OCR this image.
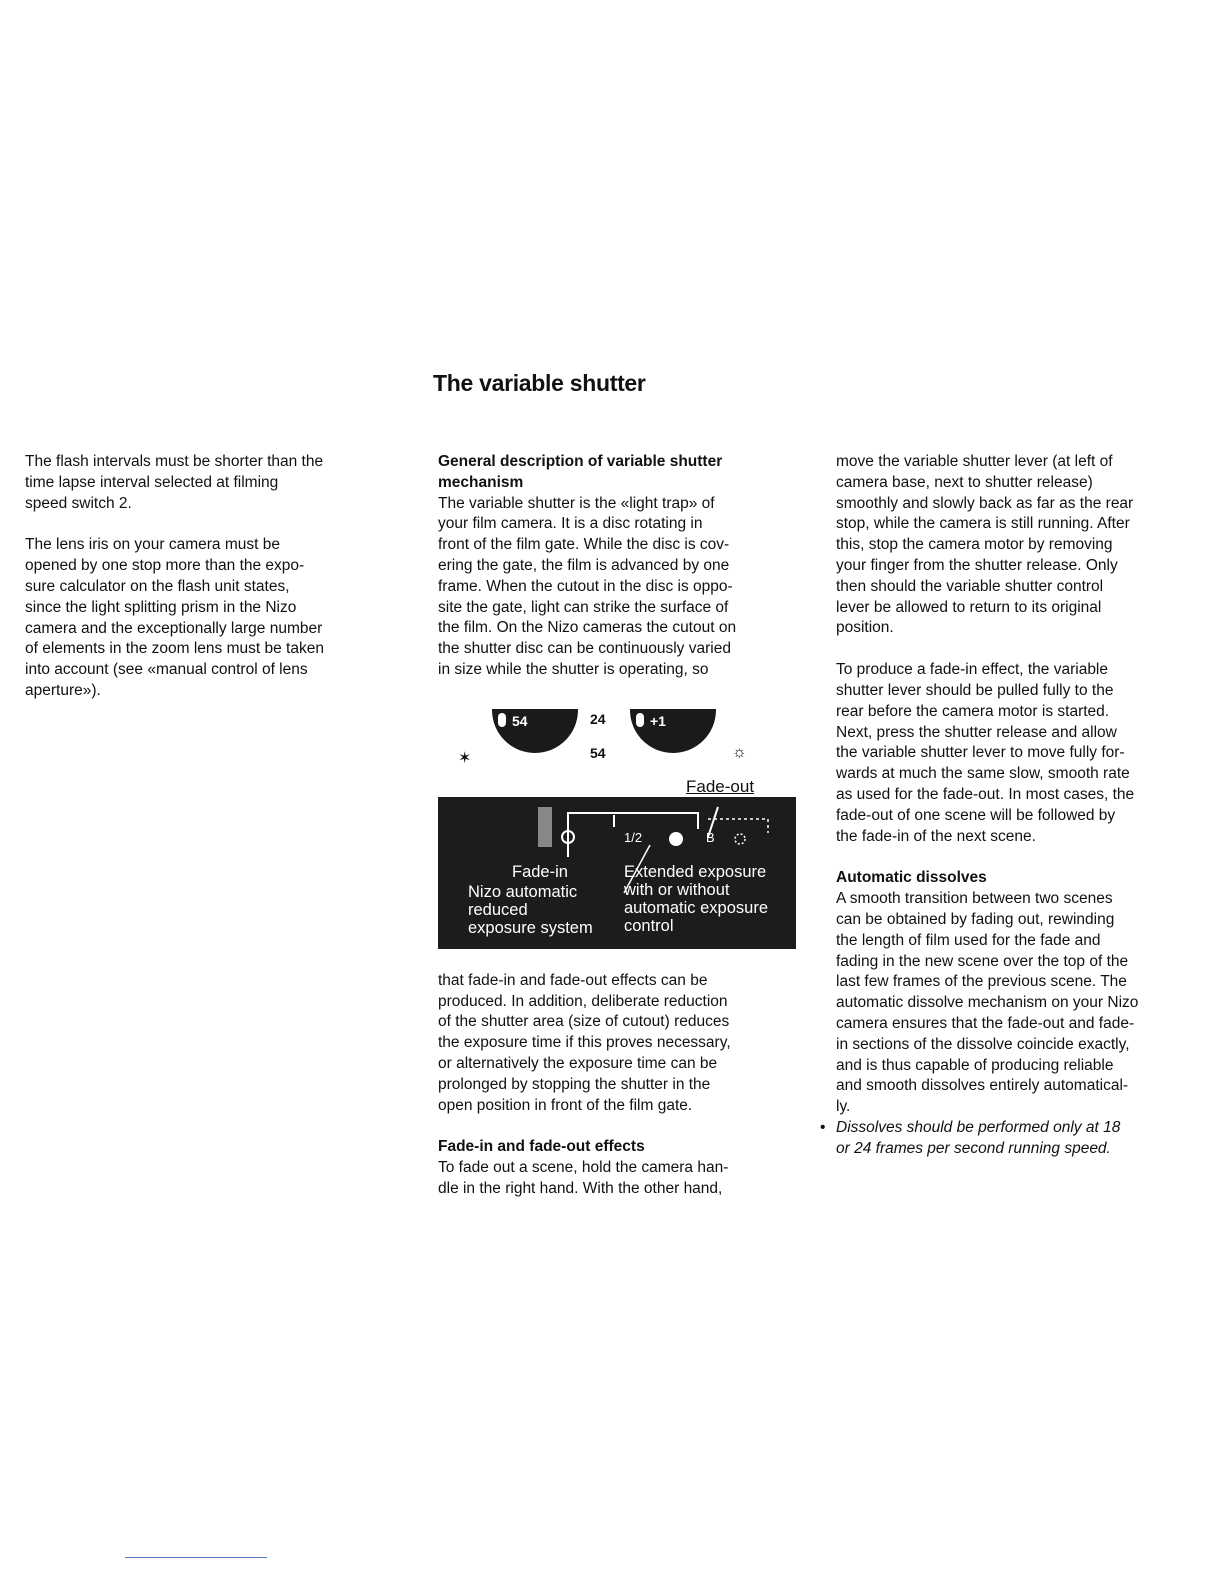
The variable shutter

The flash intervals must be shorter than the
time lapse interval selected at filming
speed switch 2.

The lens iris on your camera must be
opened by one stop more than the expo-
sure calculator on the flash unit states,
since the light splitting prism in the Nizo
camera and the exceptionally large number
of elements in the zoom lens must be taken
into account (see «manual control of lens
aperture»).

General description of variable shutter
mechanism

The variable shutter is the «light trap» of
your film camera. It is a disc rotating in
front of the film gate. While the disc is cov-
ering the gate, the film is advanced by one
frame. When the cutout in the disc is oppo-
site the gate, light can strike the surface of
the film. On the Nizo cameras the cutout on
the shutter disc can be continuously varied
in size while the shutter is operating, so

✶
54	24
54
+1
☼
Fade-out
1/2	B
Fade-in
Nizo automatic
reduced
exposure system
Extended exposure
with or without
automatic exposure
control

that fade-in and fade-out effects can be
produced. In addition, deliberate reduction
of the shutter area (size of cutout) reduces
the exposure time if this proves necessary,
or alternatively the exposure time can be
prolonged by stopping the shutter in the
open position in front of the film gate.

Fade-in and fade-out effects

To fade out a scene, hold the camera han-
dle in the right hand. With the other hand,

move the variable shutter lever (at left of
camera base, next to shutter release)
smoothly and slowly back as far as the rear
stop, while the camera is still running. After
this, stop the camera motor by removing
your finger from the shutter release. Only
then should the variable shutter control
lever be allowed to return to its original
position.

To produce a fade-in effect, the variable
shutter lever should be pulled fully to the
rear before the camera motor is started.
Next, press the shutter release and allow
the variable shutter lever to move fully for-
wards at much the same slow, smooth rate
as used for the fade-out. In most cases, the
fade-out of one scene will be followed by
the fade-in of the next scene.

Automatic dissolves

A smooth transition between two scenes
can be obtained by fading out, rewinding
the length of film used for the fade and
fading in the new scene over the top of the
last few frames of the previous scene. The
automatic dissolve mechanism on your Nizo
camera ensures that the fade-out and fade-
in sections of the dissolve coincide exactly,
and is thus capable of producing reliable
and smooth dissolves entirely automatical-
ly.

• Dissolves should be performed only at 18
or 24 frames per second running speed.
